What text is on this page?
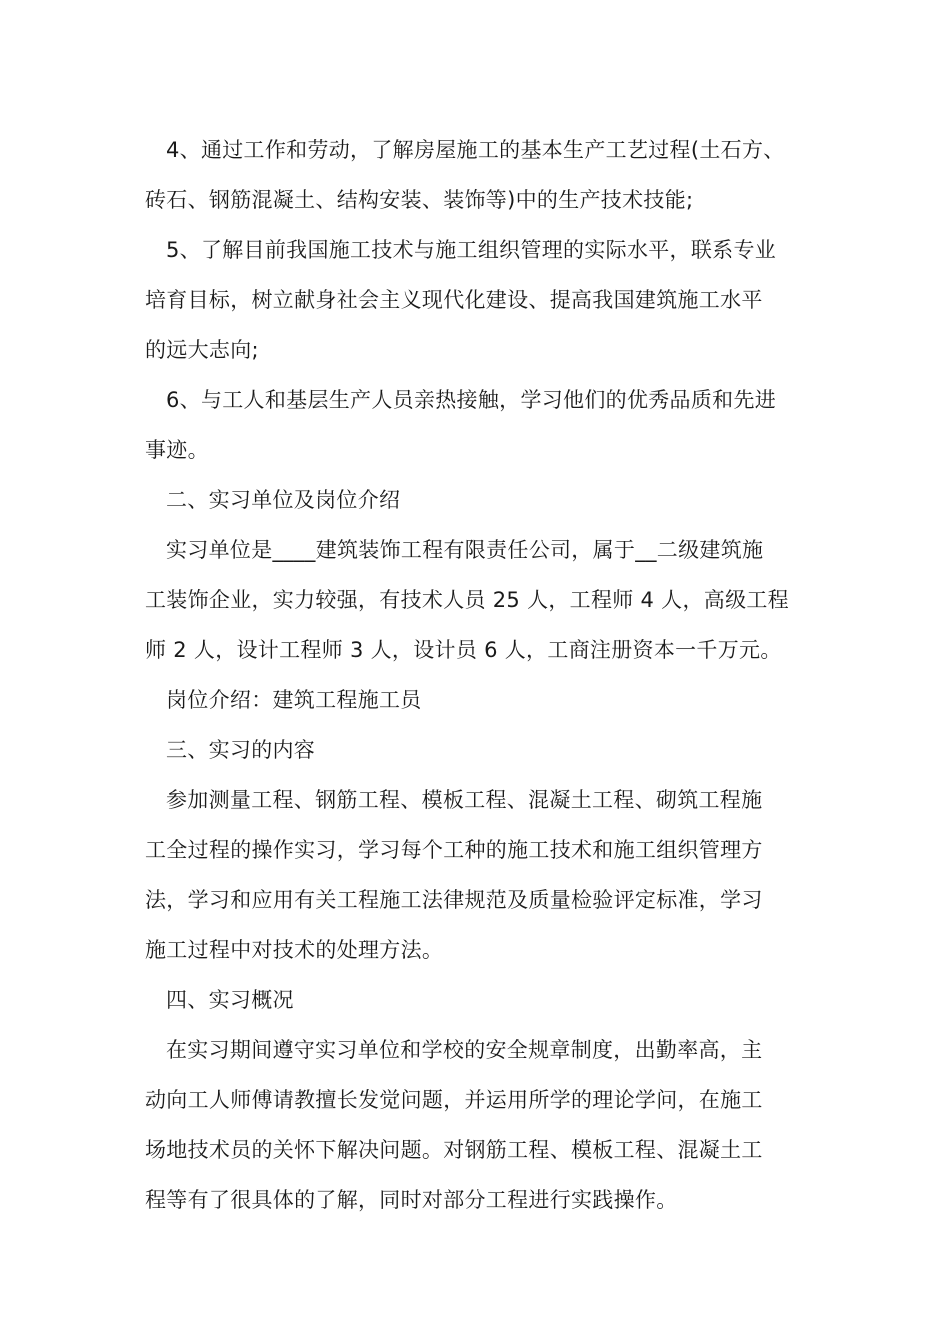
4、通过工作和劳动，了解房屋施工的基本生产工艺过程(土石方、
砖石、钢筋混凝土、结构安装、装饰等)中的生产技术技能;
5、了解目前我国施工技术与施工组织管理的实际水平，联系专业
培育目标，树立献身社会主义现代化建设、提高我国建筑施工水平
的远大志向;
6、与工人和基层生产人员亲热接触，学习他们的优秀品质和先进
事迹。
二、实习单位及岗位介绍
实习单位是____建筑装饰工程有限责任公司，属于__二级建筑施
工装饰企业，实力较强，有技术人员 25 人，工程师 4 人，高级工程
师 2 人，设计工程师 3 人，设计员 6 人，工商注册资本一千万元。
岗位介绍：建筑工程施工员
三、实习的内容
参加测量工程、钢筋工程、模板工程、混凝土工程、砌筑工程施
工全过程的操作实习，学习每个工种的施工技术和施工组织管理方
法，学习和应用有关工程施工法律规范及质量检验评定标准，学习
施工过程中对技术的处理方法。
四、实习概况
在实习期间遵守实习单位和学校的安全规章制度，出勤率高，主
动向工人师傅请教擅长发觉问题，并运用所学的理论学问，在施工
场地技术员的关怀下解决问题。对钢筋工程、模板工程、混凝土工
程等有了很具体的了解，同时对部分工程进行实践操作。
